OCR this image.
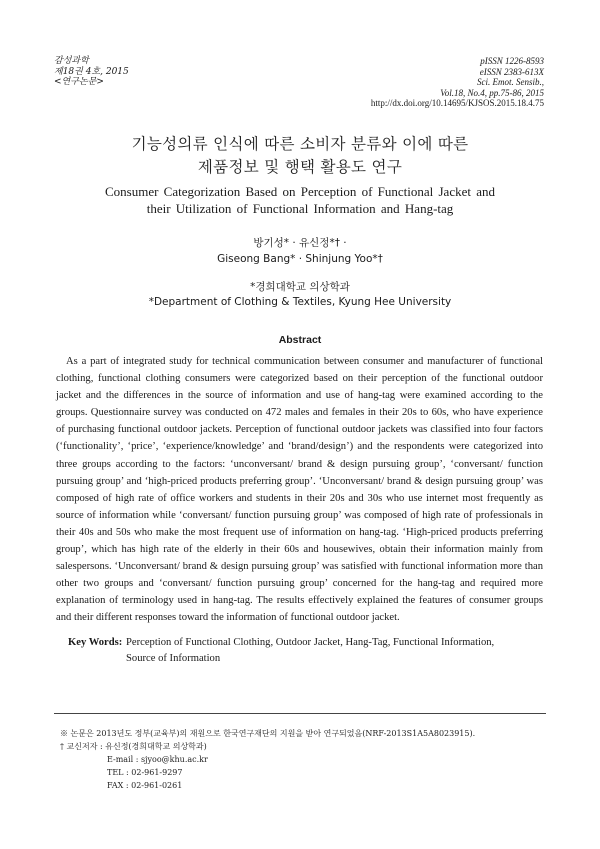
감성과학
제18권 4호, 2015
<연구논문>
pISSN 1226-8593
eISSN 2383-613X
Sci. Emot. Sensib.,
Vol.18, No.4, pp.75-86, 2015
http://dx.doi.org/10.14695/KJSOS.2015.18.4.75
기능성의류 인식에 따른 소비자 분류와 이에 따른
제품정보 및 행택 활용도 연구
Consumer Categorization Based on Perception of Functional Jacket and
their Utilization of Functional Information and Hang-tag
방기성* · 유신정*† ·
Giseong Bang* · Shinjung Yoo*†
*경희대학교 의상학과
*Department of Clothing & Textiles, Kyung Hee University
Abstract

As a part of integrated study for technical communication between consumer and manufacturer of functional clothing, functional clothing consumers were categorized based on their perception of the functional outdoor jacket and the differences in the source of information and use of hang-tag were examined according to the groups. Questionnaire survey was conducted on 472 males and females in their 20s to 60s, who have experience of purchasing functional outdoor jackets. Perception of functional outdoor jackets was classified into four factors (‘functionality’, ‘price’, ‘experience/knowledge’ and ‘brand/design’) and the respondents were categorized into three groups according to the factors: ‘unconversant/ brand & design pursuing group’, ‘conversant/ function pursuing group’ and ‘high-priced products preferring group’. ‘Unconversant/ brand & design pursuing group’ was composed of high rate of office workers and students in their 20s and 30s who use internet most frequently as source of information while ‘conversant/ function pursuing group’ was composed of high rate of professionals in their 40s and 50s who make the most frequent use of information on hang-tag. ‘High-priced products preferring group’, which has high rate of the elderly in their 60s and housewives, obtain their information mainly from salespersons. ‘Unconversant/ brand & design pursuing group’ was satisfied with functional information more than other two groups and ‘conversant/ function pursuing group’ concerned for the hang-tag and required more explanation of terminology used in hang-tag. The results effectively explained the features of consumer groups and their different responses toward the information of functional outdoor jacket.

Key Words: Perception of Functional Clothing, Outdoor Jacket, Hang-Tag, Functional Information,
Source of Information
※ 논문은 2013년도 정부(교육부)의 재원으로 한국연구재단의 지원을 받아 연구되었음(NRF-2013S1A5A8023915).
† 교신저자 : 유신정(경희대학교 의상학과)
E-mail : sjyoo@khu.ac.kr
TEL : 02-961-9297
FAX : 02-961-0261
